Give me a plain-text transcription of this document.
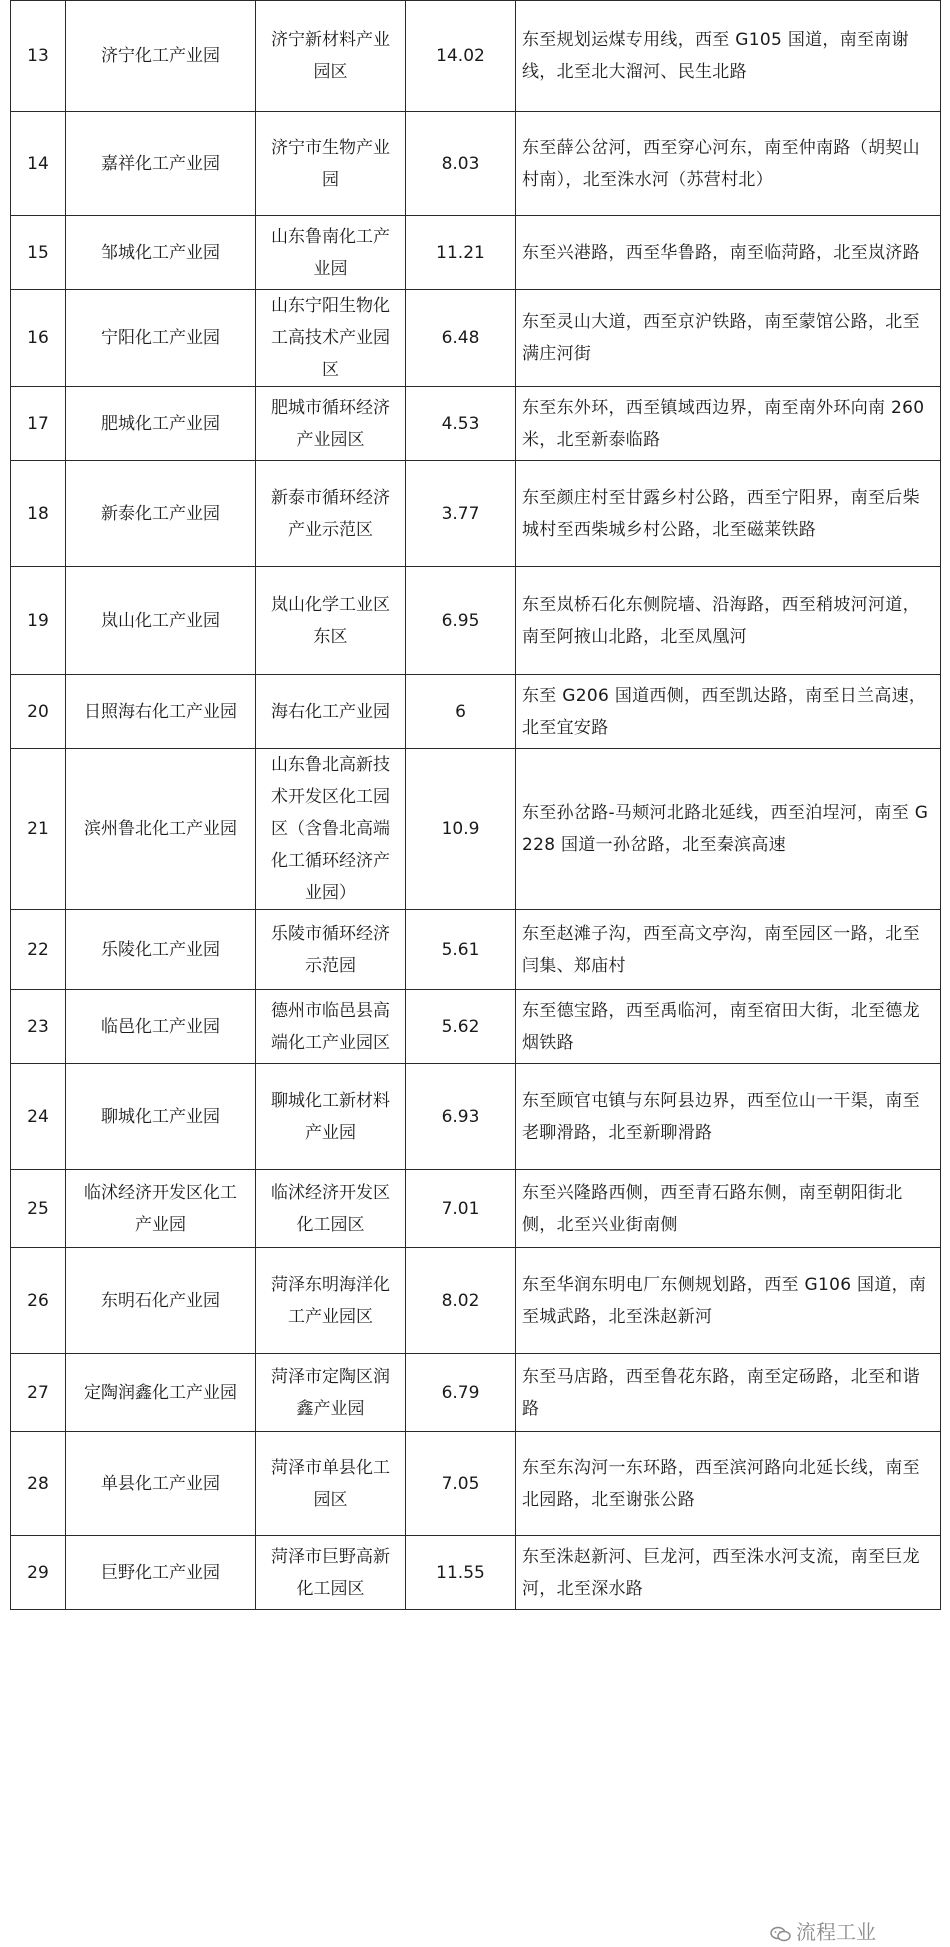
13	济宁化工产业园	济宁新材料产业园区	14.02	东至规划运煤专用线，西至 G105 国道，南至南谢线，北至北大溜河、民生北路
14	嘉祥化工产业园	济宁市生物产业园	8.03	东至薛公岔河，西至穿心河东，南至仲南路（胡契山村南），北至洙水河（苏营村北）
15	邹城化工产业园	山东鲁南化工产业园	11.21	东至兴港路，西至华鲁路，南至临菏路，北至岚济路
16	宁阳化工产业园	山东宁阳生物化工高技术产业园区	6.48	东至灵山大道，西至京沪铁路，南至蒙馆公路，北至满庄河街
17	肥城化工产业园	肥城市循环经济产业园区	4.53	东至东外环，西至镇域西边界，南至南外环向南 260 米，北至新泰临路
18	新泰化工产业园	新泰市循环经济产业示范区	3.77	东至颜庄村至甘露乡村公路，西至宁阳界，南至后柴城村至西柴城乡村公路，北至磁莱铁路
19	岚山化工产业园	岚山化学工业区东区	6.95	东至岚桥石化东侧院墙、沿海路，西至稍坡河河道，南至阿掖山北路，北至凤凰河
20	日照海右化工产业园	海右化工产业园	6	东至 G206 国道西侧，西至凯达路，南至日兰高速，北至宜安路
21	滨州鲁北化工产业园	山东鲁北高新技术开发区化工园区（含鲁北高端化工循环经济产业园）	10.9	东至孙岔路-马颊河北路北延线，西至泊埕河，南至 G228 国道一孙岔路，北至秦滨高速
22	乐陵化工产业园	乐陵市循环经济示范园	5.61	东至赵滩子沟，西至高文亭沟，南至园区一路，北至闫集、郑庙村
23	临邑化工产业园	德州市临邑县高端化工产业园区	5.62	东至德宝路，西至禹临河，南至宿田大街，北至德龙烟铁路
24	聊城化工产业园	聊城化工新材料产业园	6.93	东至顾官屯镇与东阿县边界，西至位山一干渠，南至老聊滑路，北至新聊滑路
25	临沭经济开发区化工产业园	临沭经济开发区化工园区	7.01	东至兴隆路西侧，西至青石路东侧，南至朝阳街北侧，北至兴业街南侧
26	东明石化产业园	菏泽东明海洋化工产业园区	8.02	东至华润东明电厂东侧规划路，西至 G106 国道，南至城武路，北至洙赵新河
27	定陶润鑫化工产业园	菏泽市定陶区润鑫产业园	6.79	东至马店路，西至鲁花东路，南至定砀路，北至和谐路
28	单县化工产业园	菏泽市单县化工园区	7.05	东至东沟河一东环路，西至滨河路向北延长线，南至北园路，北至谢张公路
29	巨野化工产业园	菏泽市巨野高新化工园区	11.55	东至洙赵新河、巨龙河，西至洙水河支流，南至巨龙河，北至深水路
流程工业
